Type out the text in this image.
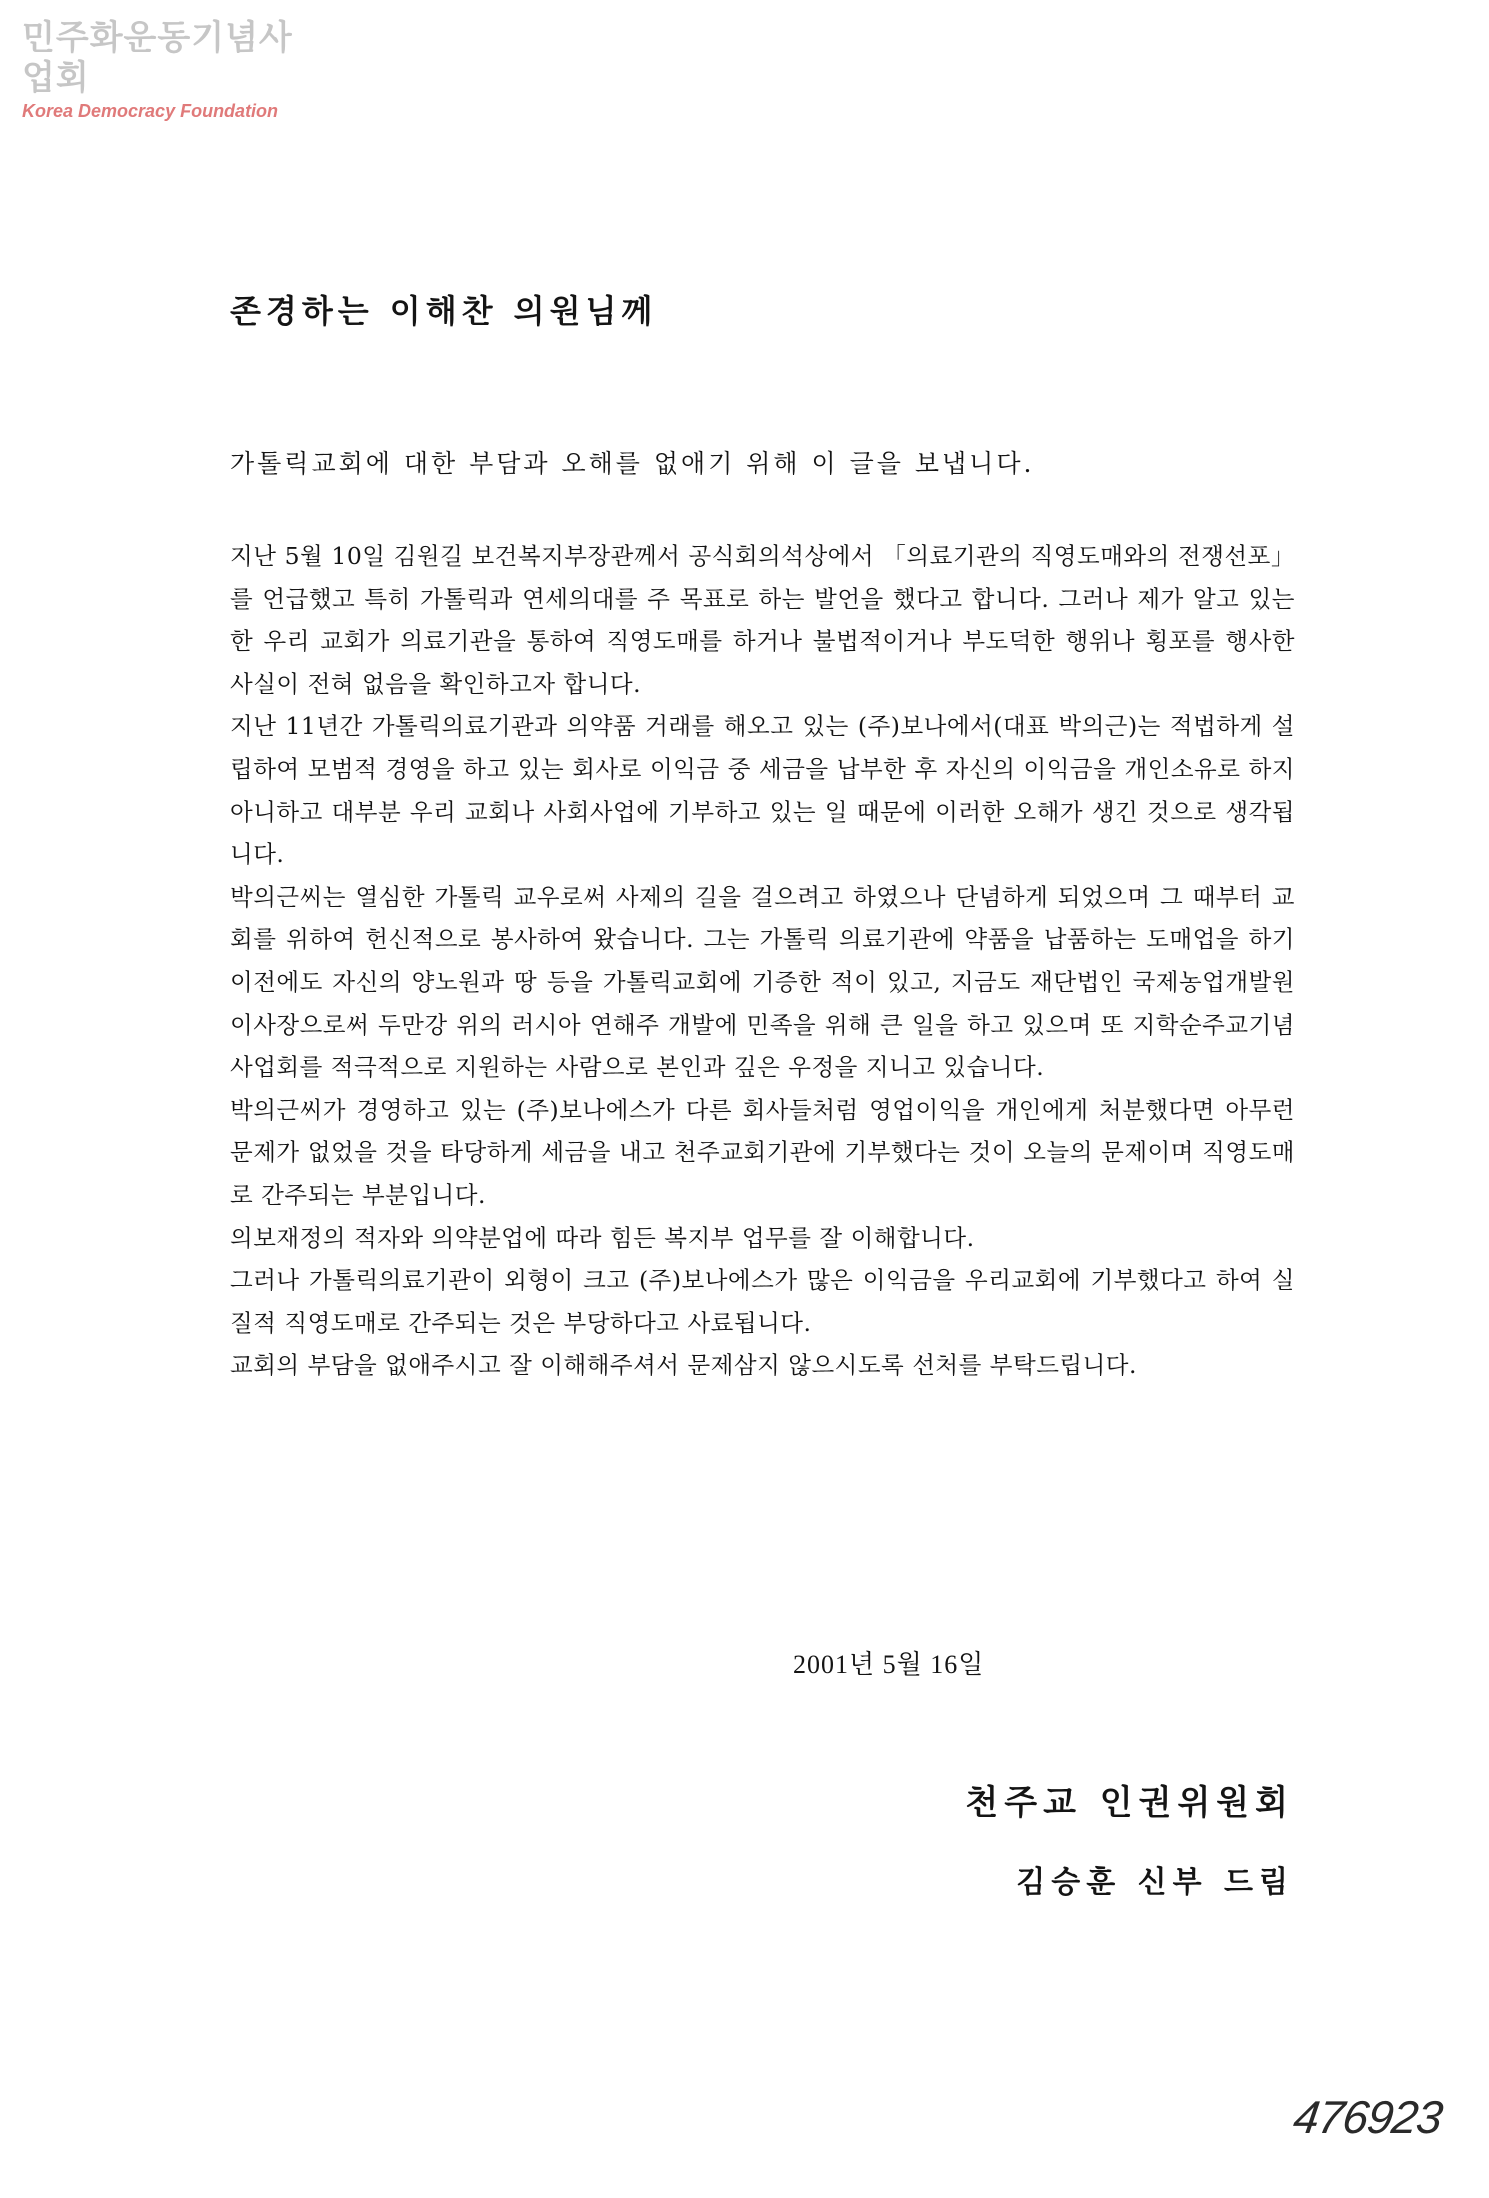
민주화운동기념사업회
Korea Democracy Foundation
존경하는 이해찬 의원님께
가톨릭교회에 대한 부담과 오해를 없애기 위해 이 글을 보냅니다.

지난 5월 10일 김원길 보건복지부장관께서 공식회의석상에서 「의료기관의 직영도매와의 전쟁선포」 를 언급했고 특히 가톨릭과 연세의대를 주 목표로 하는 발언을 했다고 합니다. 그러나 제가 알고 있는 한 우리 교회가 의료기관을 통하여 직영도매를 하거나 불법적이거나 부도덕한 행위나 횡포를 행사한 사실이 전혀 없음을 확인하고자 합니다.

지난 11년간 가톨릭의료기관과 의약품 거래를 해오고 있는 (주)보나에서(대표 박의근)는 적법하게 설립하여 모범적 경영을 하고 있는 회사로 이익금 중 세금을 납부한 후 자신의 이익금을 개인소유로 하지 아니하고 대부분 우리 교회나 사회사업에 기부하고 있는 일 때문에 이러한 오해가 생긴 것으로 생각됩니다.

박의근씨는 열심한 가톨릭 교우로써 사제의 길을 걸으려고 하였으나 단념하게 되었으며 그 때부터 교회를 위하여 헌신적으로 봉사하여 왔습니다. 그는 가톨릭 의료기관에 약품을 납품하는 도매업을 하기 이전에도 자신의 양노원과 땅 등을 가톨릭교회에 기증한 적이 있고, 지금도 재단법인 국제농업개발원 이사장으로써 두만강 위의 러시아 연해주 개발에 민족을 위해 큰 일을 하고 있으며 또 지학순주교기념사업회를 적극적으로 지원하는 사람으로 본인과 깊은 우정을 지니고 있습니다.

박의근씨가 경영하고 있는 (주)보나에스가 다른 회사들처럼 영업이익을 개인에게 처분했다면 아무런 문제가 없었을 것을 타당하게 세금을 내고 천주교회기관에 기부했다는 것이 오늘의 문제이며 직영도매로 간주되는 부분입니다.

의보재정의 적자와 의약분업에 따라 힘든 복지부 업무를 잘 이해합니다.

그러나 가톨릭의료기관이 외형이 크고 (주)보나에스가 많은 이익금을 우리교회에 기부했다고 하여 실질적 직영도매로 간주되는 것은 부당하다고 사료됩니다.

교회의 부담을 없애주시고 잘 이해해주셔서 문제삼지 않으시도록 선처를 부탁드립니다.

2001년 5월 16일
천주교 인권위원회
김승훈 신부 드림
476923
